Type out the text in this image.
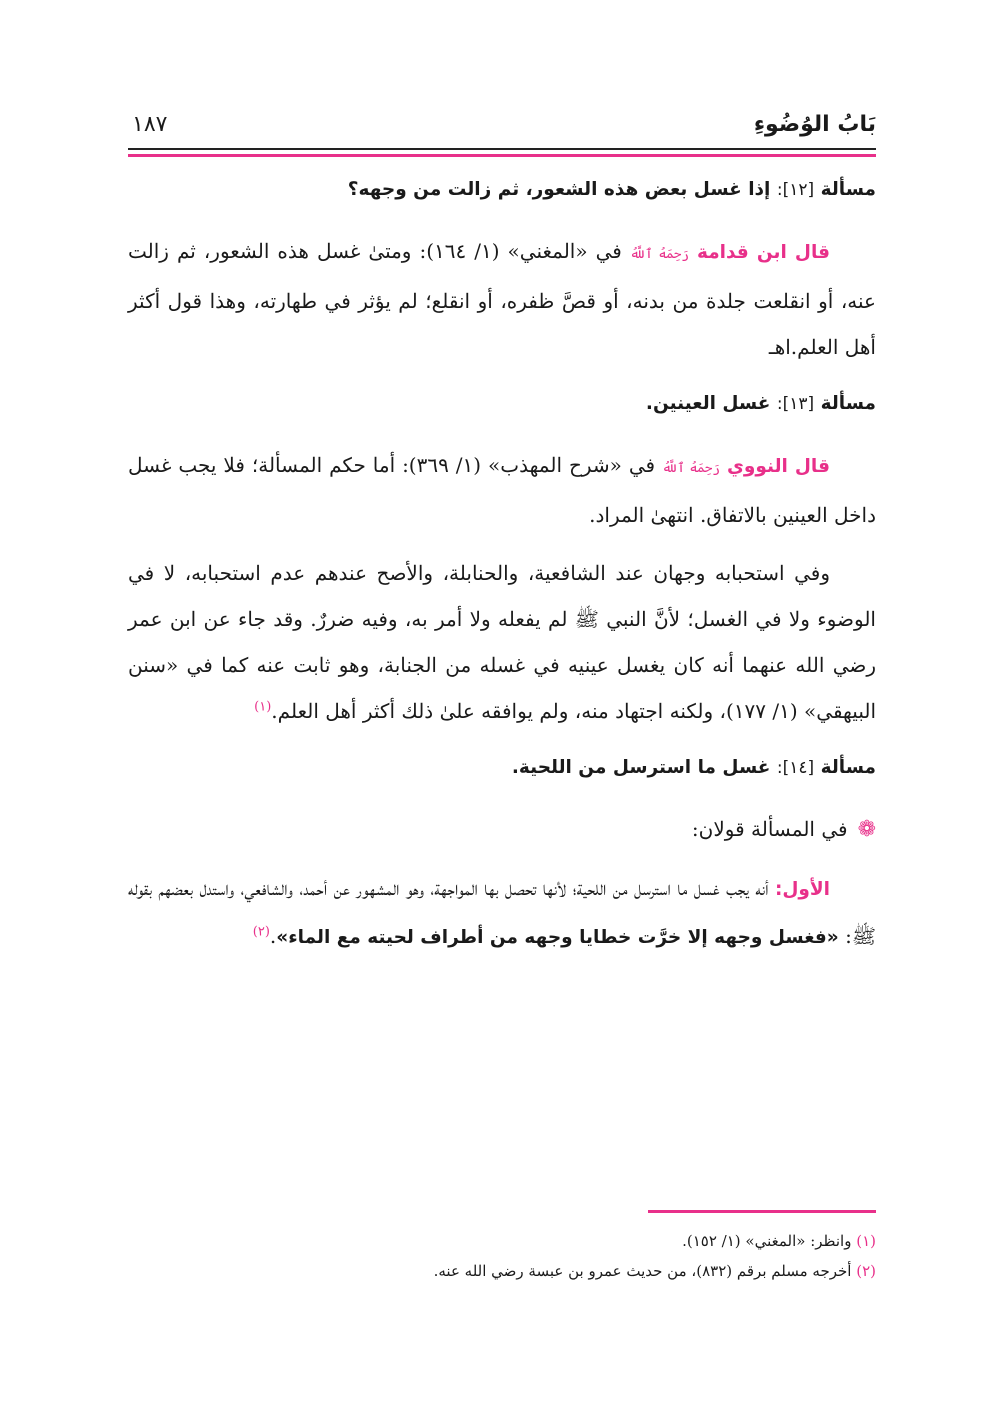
بَابُ الوُضُوءِ
١٨٧
مسألة [١٢]: إذا غسل بعض هذه الشعور، ثم زالت من وجهه؟

قال ابن قدامة رَحِمَهُ ٱللَّهُ في «المغني» (١/ ١٦٤): ومتىٰ غسل هذه الشعور، ثم زالت عنه، أو انقلعت جلدة من بدنه، أو قصَّ ظفره، أو انقلع؛ لم يؤثر في طهارته، وهذا قول أكثر أهل العلم.اهـ

مسألة [١٣]: غسل العينين.

قال النووي رَحِمَهُ ٱللَّهُ في «شرح المهذب» (١/ ٣٦٩): أما حكم المسألة؛ فلا يجب غسل داخل العينين بالاتفاق. انتهىٰ المراد.

وفي استحبابه وجهان عند الشافعية، والحنابلة، والأصح عندهم عدم استحبابه، لا في الوضوء ولا في الغسل؛ لأنَّ النبي ﷺ لم يفعله ولا أمر به، وفيه ضررٌ. وقد جاء عن ابن عمر رضي الله عنهما أنه كان يغسل عينيه في غسله من الجنابة، وهو ثابت عنه كما في «سنن البيهقي» (١/ ١٧٧)، ولكنه اجتهاد منه، ولم يوافقه علىٰ ذلك أكثر أهل العلم.$^{(١)}$

مسألة [١٤]: غسل ما استرسل من اللحية.

❁في المسألة قولان:

الأول: أنه يجب غسل ما استرسل من اللحية؛ لأنها تحصل بها المواجهة، وهو المشهور عن أحمد، والشافعي، واستدل بعضهم بقوله ﷺ: «فغسل وجهه إلا خرَّت خطايا وجهه من أطراف لحيته مع الماء».$^{(٢)}$

(١) وانظر: «المغني» (١/ ١٥٢).
(٢) أخرجه مسلم برقم (٨٣٢)، من حديث عمرو بن عبسة رضي الله عنه.
